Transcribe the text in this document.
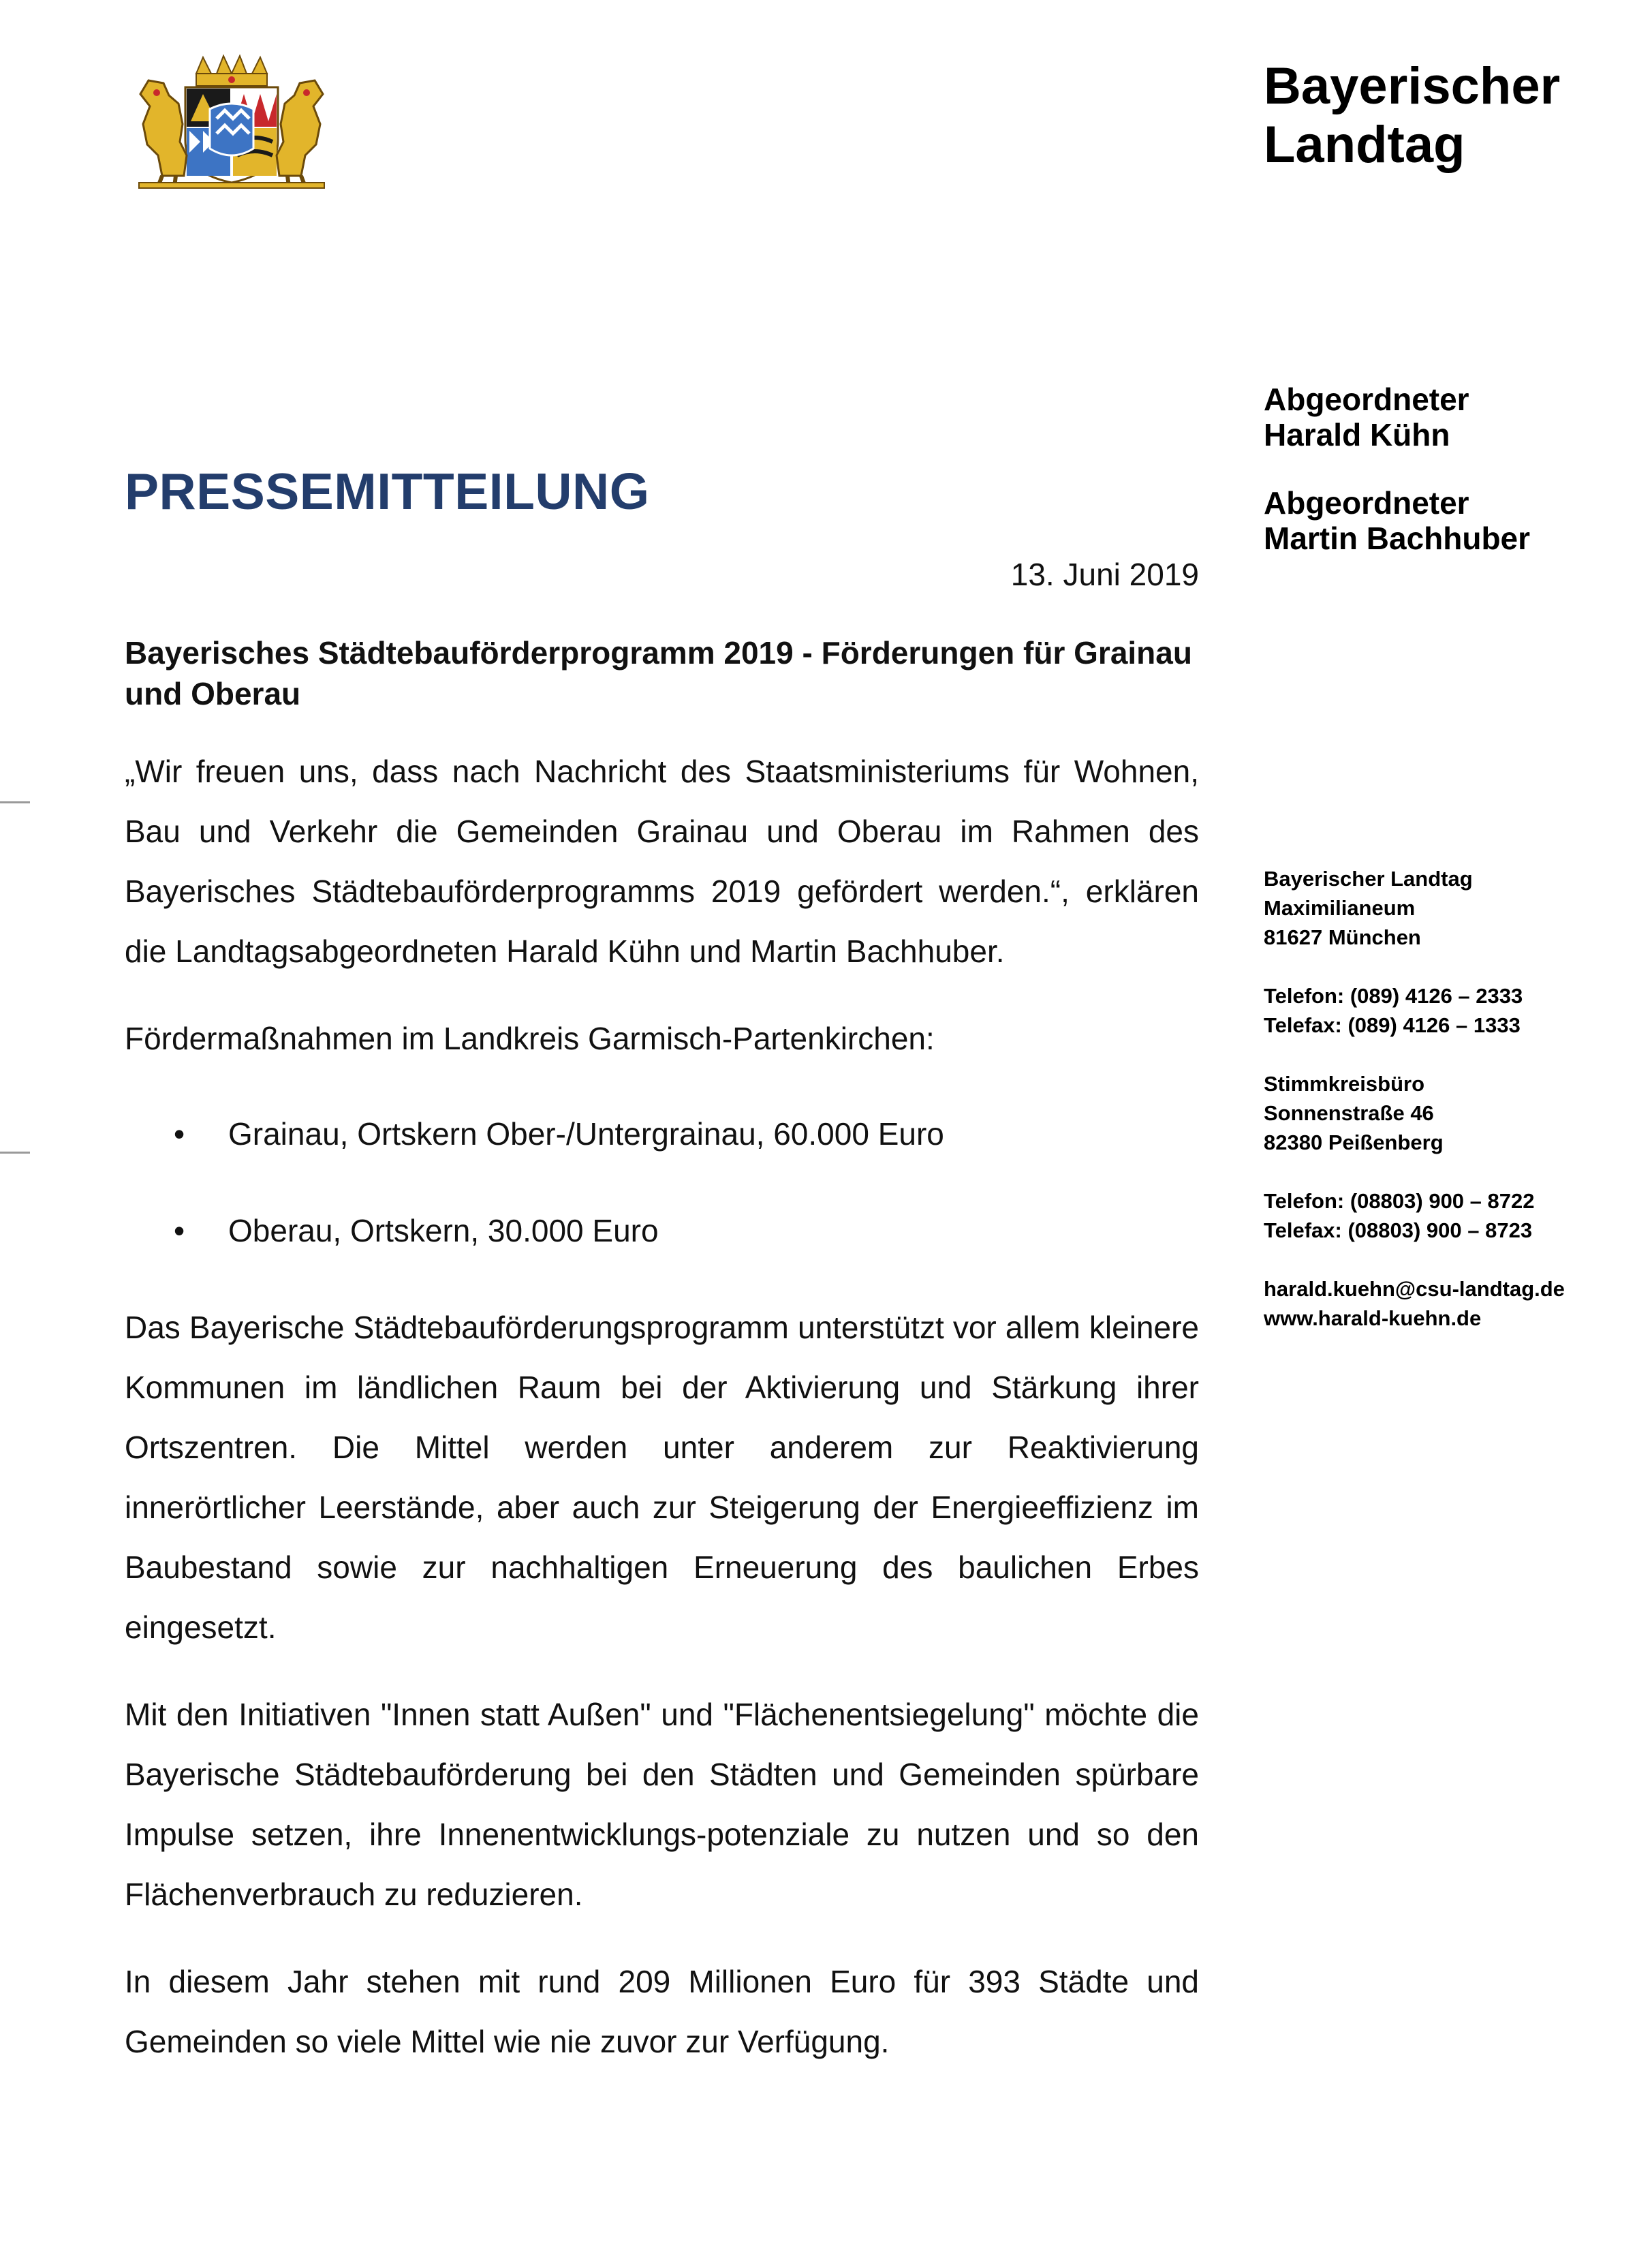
Bayerischer
Landtag
Abgeordneter
Harald Kühn
Abgeordneter
Martin Bachhuber
PRESSEMITTEILUNG
13. Juni 2019
Bayerisches Städtebauförderprogramm 2019 - Förderungen für Grainau und Oberau

„Wir freuen uns, dass nach Nachricht des Staatsministeriums für Wohnen, Bau und Verkehr die Gemeinden Grainau und Oberau im Rahmen des Bayerisches Städtebauförderprogramms 2019 gefördert werden.“, erklären die Landtagsabgeordneten Harald Kühn und Martin Bachhuber.

Fördermaßnahmen im Landkreis Garmisch-Partenkirchen:

• Grainau, Ortskern Ober-/Untergrainau, 60.000 Euro
• Oberau, Ortskern, 30.000 Euro

Das Bayerische Städtebauförderungsprogramm unterstützt vor allem kleinere Kommunen im ländlichen Raum bei der Aktivierung und Stärkung ihrer Ortszentren. Die Mittel werden unter anderem zur Reaktivierung innerörtlicher Leerstände, aber auch zur Steigerung der Energieeffizienz im Baubestand sowie zur nachhaltigen Erneuerung des baulichen Erbes eingesetzt.

Mit den Initiativen "Innen statt Außen" und "Flächenentsiegelung" möchte die Bayerische Städtebauförderung bei den Städten und Gemeinden spürbare Impulse setzen, ihre Innenentwicklungs-potenziale zu nutzen und so den Flächenverbrauch zu reduzieren.

In diesem Jahr stehen mit rund 209 Millionen Euro für 393 Städte und Gemeinden so viele Mittel wie nie zuvor zur Verfügung.

Bayerischer Landtag
Maximilianeum
81627 München
Telefon: (089) 4126 – 2333
Telefax: (089) 4126 – 1333
Stimmkreisbüro
Sonnenstraße 46
82380 Peißenberg
Telefon: (08803) 900 – 8722
Telefax: (08803) 900 – 8723
harald.kuehn@csu-landtag.de
www.harald-kuehn.de
